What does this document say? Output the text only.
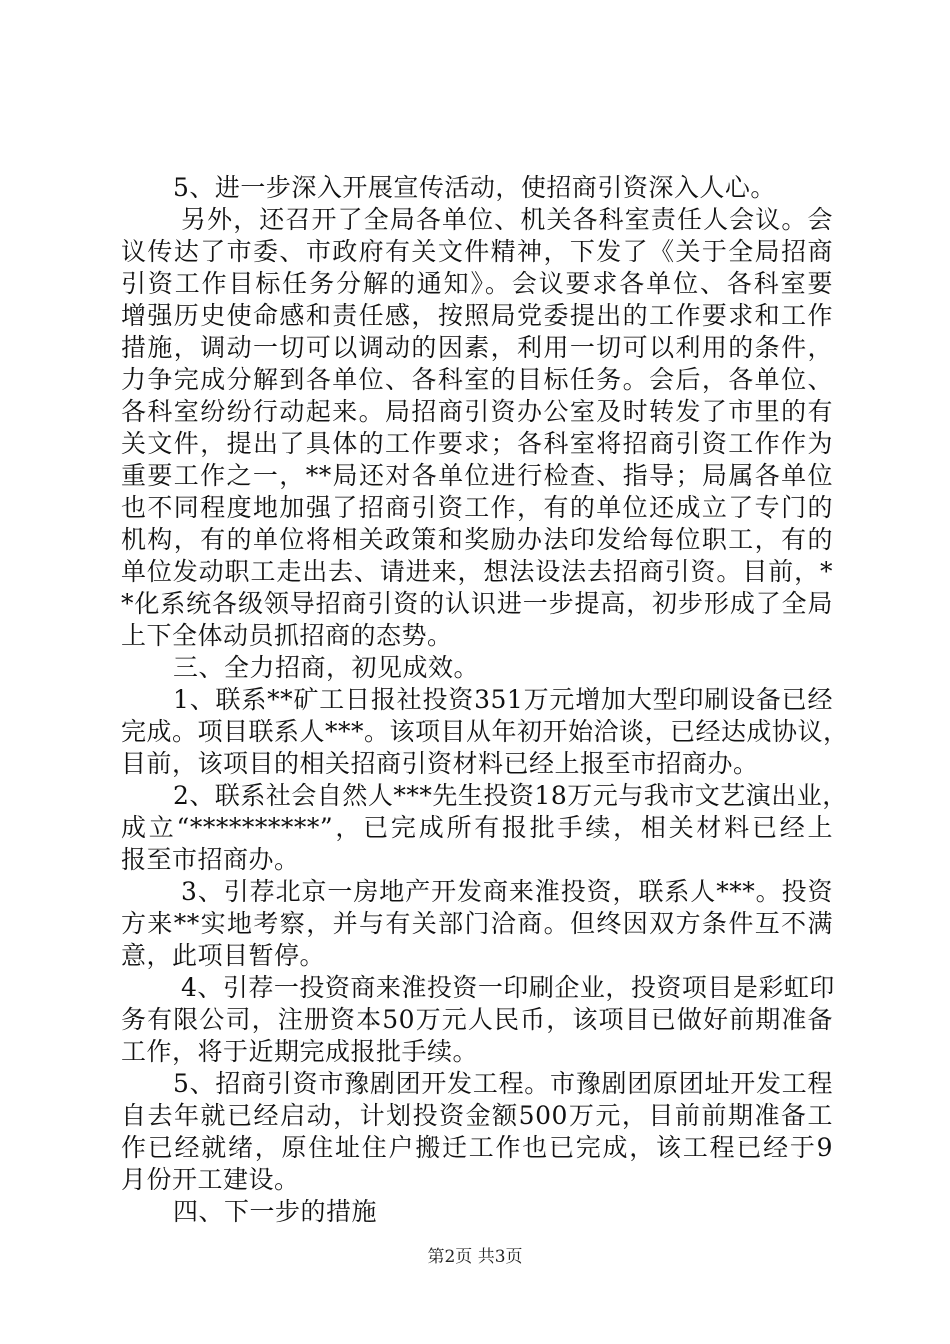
5、进一步深入开展宣传活动，使招商引资深入人心。
另外，还召开了全局各单位、机关各科室责任人会议。会
议传达了市委、市政府有关文件精神，下发了《关于全局招商
引资工作目标任务分解的通知》。会议要求各单位、各科室要
增强历史使命感和责任感，按照局党委提出的工作要求和工作
措施，调动一切可以调动的因素，利用一切可以利用的条件，
力争完成分解到各单位、各科室的目标任务。会后，各单位、
各科室纷纷行动起来。局招商引资办公室及时转发了市里的有
关文件，提出了具体的工作要求；各科室将招商引资工作作为
重要工作之一，**局还对各单位进行检查、指导；局属各单位
也不同程度地加强了招商引资工作，有的单位还成立了专门的
机构，有的单位将相关政策和奖励办法印发给每位职工，有的
单位发动职工走出去、请进来，想法设法去招商引资。目前，*
*化系统各级领导招商引资的认识进一步提高，初步形成了全局
上下全体动员抓招商的态势。
三、全力招商，初见成效。
1、联系**矿工日报社投资351万元增加大型印刷设备已经
完成。项目联系人***。该项目从年初开始洽谈，已经达成协议，
目前，该项目的相关招商引资材料已经上报至市招商办。
2、联系社会自然人***先生投资18万元与我市文艺演出业，
成立“**********”，已完成所有报批手续，相关材料已经上
报至市招商办。
3、引荐北京一房地产开发商来淮投资，联系人***。投资
方来**实地考察，并与有关部门洽商。但终因双方条件互不满
意，此项目暂停。
4、引荐一投资商来淮投资一印刷企业，投资项目是彩虹印
务有限公司，注册资本50万元人民币，该项目已做好前期准备
工作，将于近期完成报批手续。
5、招商引资市豫剧团开发工程。市豫剧团原团址开发工程
自去年就已经启动，计划投资金额500万元，目前前期准备工
作已经就绪，原住址住户搬迁工作也已完成，该工程已经于9
月份开工建设。
四、下一步的措施
第2页 共3页
